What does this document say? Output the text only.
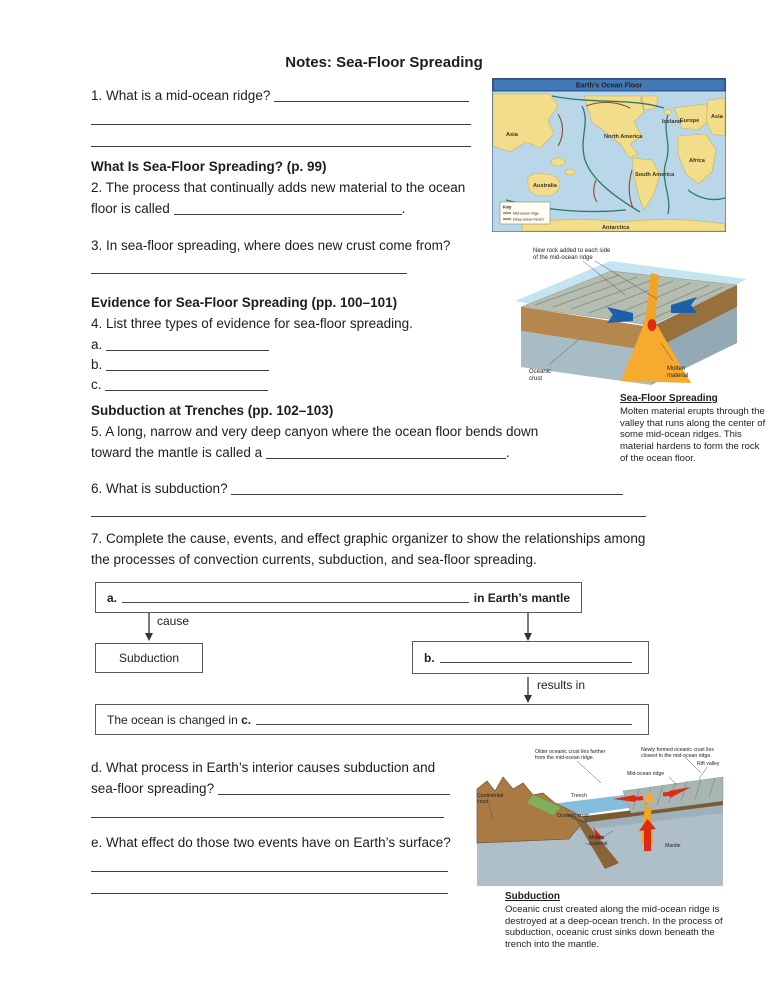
Notes: Sea-Floor Spreading
1. What is a mid-ocean ridge?
What Is Sea-Floor Spreading? (p. 99)
2. The process that continually adds new material to the ocean
floor is called	.
3. In sea-floor spreading, where does new crust come from?
Evidence for Sea-Floor Spreading (pp. 100–101)
4. List three types of evidence for sea-floor spreading.
a.
b.
c.
Subduction at Trenches (pp. 102–103)
5. A long, narrow and very deep canyon where the ocean floor bends down
toward the mantle is called a	.
6. What is subduction?
7. Complete the cause, events, and effect graphic organizer to show the relationships among
the processes of convection currents, subduction, and sea-floor spreading.
a.	in Earth’s mantle
cause
Subduction	b.
results in
The ocean is changed in
c.
d. What process in Earth’s interior causes subduction and
sea-floor spreading?
e. What effect do those two events have on Earth’s surface?
Earth’s Ocean Floor
Asia	North America
Iceland
Europe
Asia
Africa
South America
Australia
Antarctica
Key
Mid-ocean ridge
Deep-ocean trench
New rock added to each side
of the mid-ocean ridge
Oceanic
crust
Molten
material
Sea-Floor Spreading
Molten material erupts through the valley that runs along the center of some mid-ocean ridges. This material hardens to form the rock of the ocean floor.
Older oceanic crust lies farther
from the mid-ocean ridge.
Newly formed oceanic crust lies
closest to the mid-ocean ridge.
Mid-ocean ridge
Rift valley
Continental
crust,
Trench
Oceanic crust
Molten
material	Mantle
Subduction
Oceanic crust created along the mid-ocean ridge is destroyed at a deep-ocean trench. In the process of subduction, oceanic crust sinks down beneath the trench into the mantle.
